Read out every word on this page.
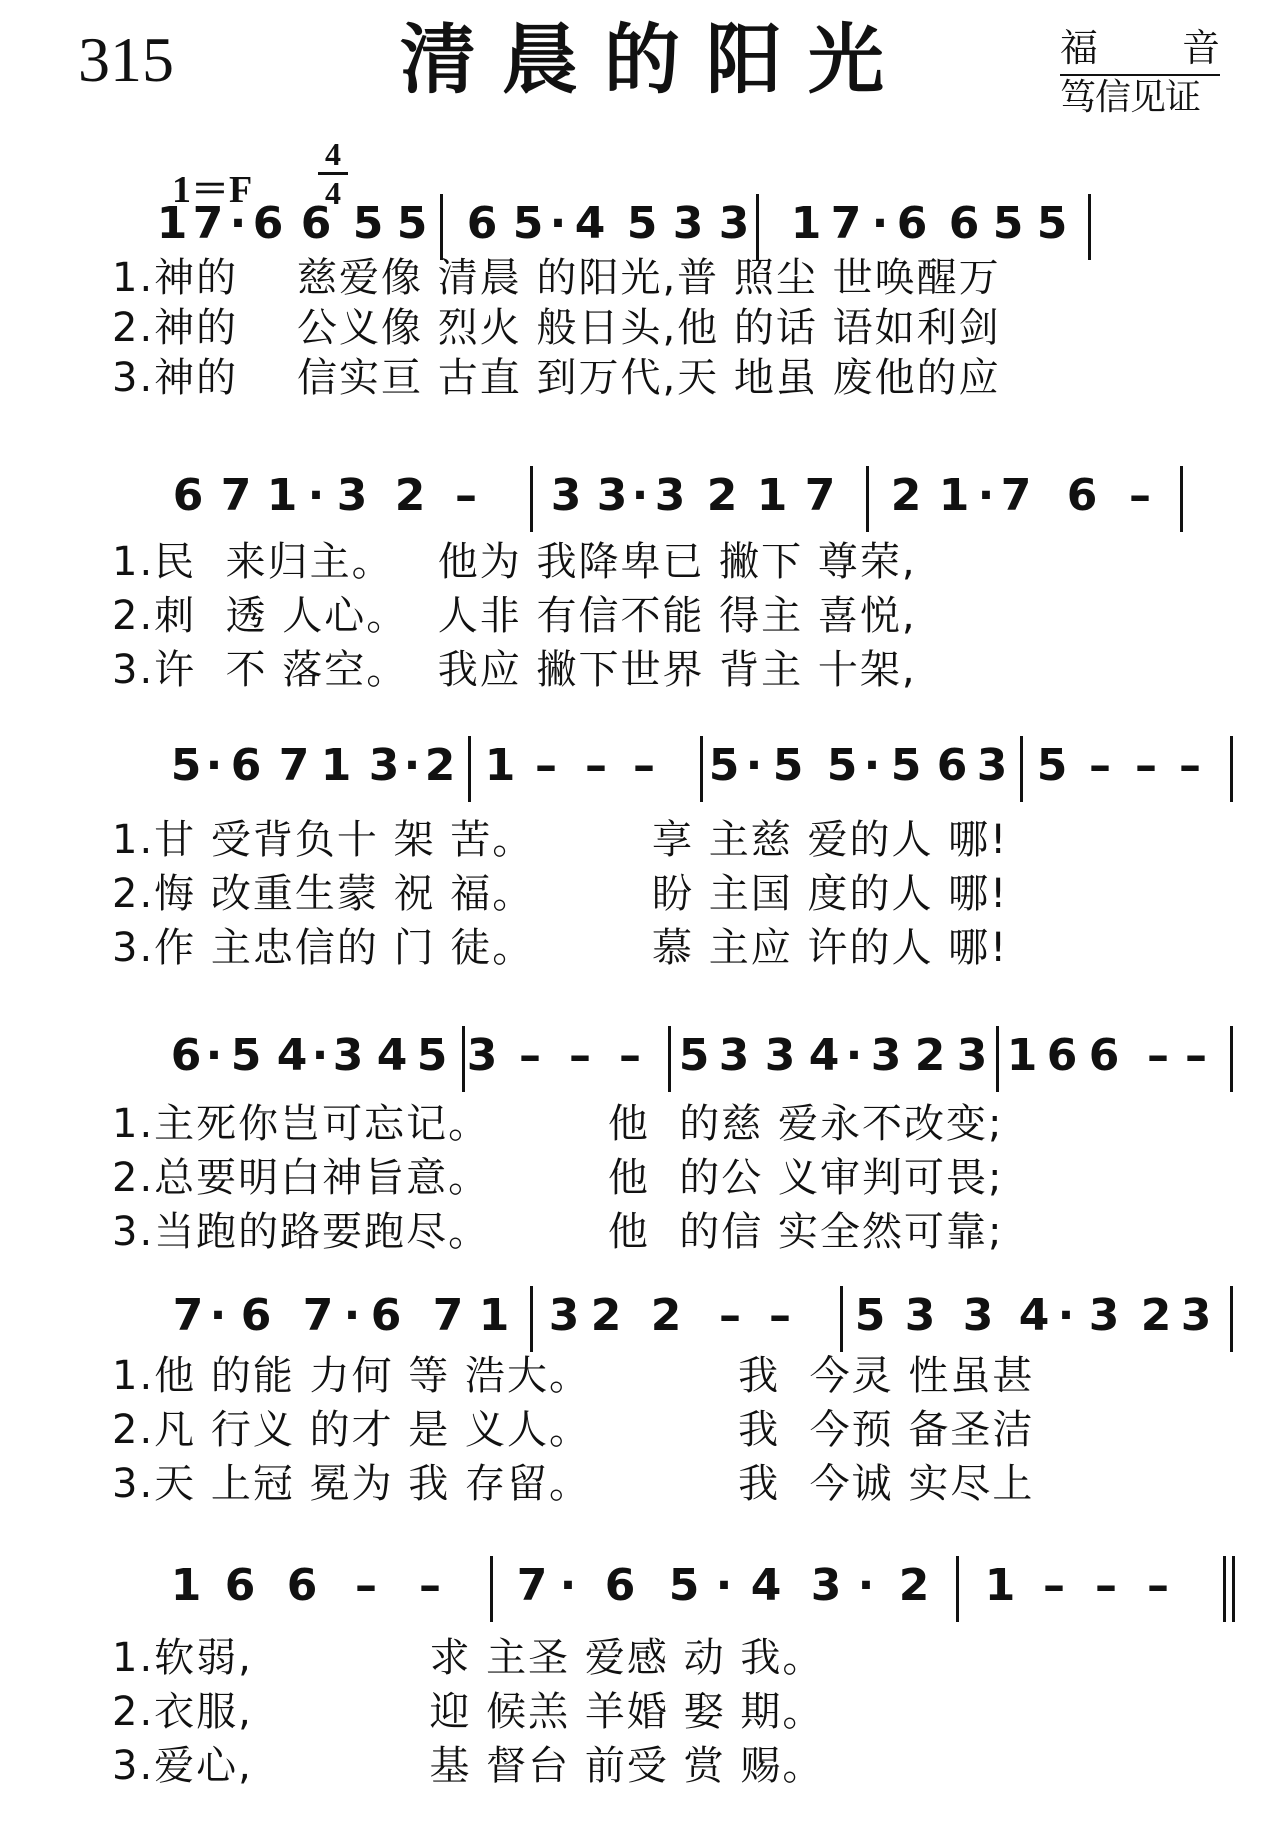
315	清晨的阳光	福 音
笃信见证
1＝F
4
4
1 7 · 6 6 5 5 6 5 · 4 5 3 3 1 7 · 6 6 5 5
1.神的    慈爱像 清晨 的阳光,普 照尘 世唤醒万
2.神的    公义像 烈火 般日头,他 的话 语如利剑
3.神的    信实亘 古直 到万代,天 地虽 废他的应
6 7 1 · 3 2 – 3 3 · 3 2 1 7 2 1 · 7 6 –
1.民  来归主。   他为 我降卑已 撇下 尊荣,
2.刺  透 人心。  人非 有信不能 得主 喜悦,
3.许  不 落空。  我应 撇下世界 背主 十架,
5 · 6 7 1 3 · 2 1 – – – 5 · 5 5 · 5 6 3 5 – – –
1.甘 受背负十 架 苦。        享 主慈 爱的人 哪!
2.悔 改重生蒙 祝 福。        盼 主国 度的人 哪!
3.作 主忠信的 门 徒。        慕 主应 许的人 哪!
6 · 5 4 · 3 4 5 3 – – – 5 3 3 4 · 3 2 3 1 6 6 – –
1.主死你岂可忘记。        他  的慈 爱永不改变;
2.总要明白神旨意。        他  的公 义审判可畏;
3.当跑的路要跑尽。        他  的信 实全然可靠;
7 · 6 7 · 6 7 1 3 2 2 – – 5 3 3 4 · 3 2 3
1.他 的能 力何 等 浩大。          我  今灵 性虽甚
2.凡 行义 的才 是 义人。          我  今预 备圣洁
3.天 上冠 冕为 我 存留。          我  今诚 实尽上
1 6 6 – – 7 · 6 5 · 4 3 · 2 1 – – –
1.软弱,            求 主圣 爱感 动 我。
2.衣服,            迎 候羔 羊婚 娶 期。
3.爱心,            基 督台 前受 赏 赐。
